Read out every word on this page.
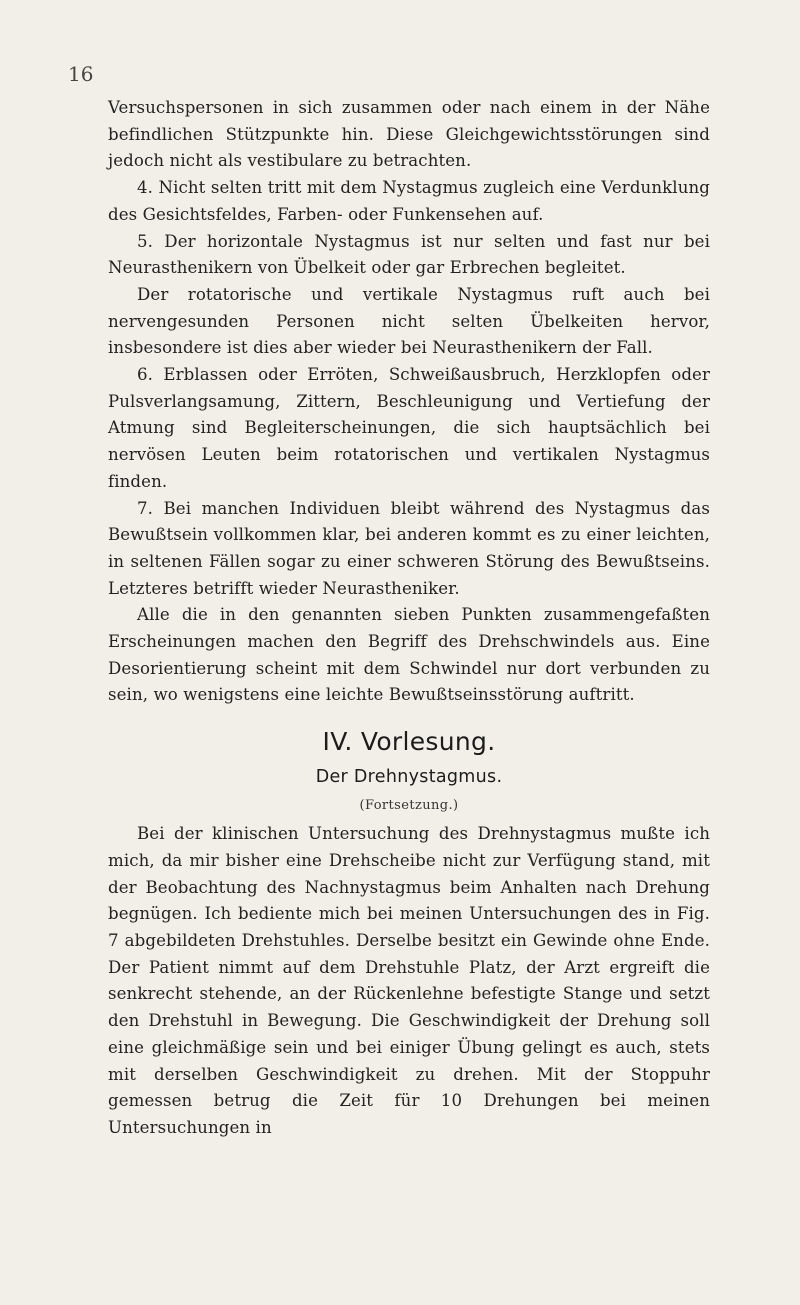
16

Versuchspersonen in sich zusammen oder nach einem in der Nähe befindlichen Stützpunkte hin. Diese Gleichgewichtsstörungen sind jedoch nicht als vestibulare zu betrachten.

4. Nicht selten tritt mit dem Nystagmus zugleich eine Verdunklung des Gesichtsfeldes, Farben- oder Funkensehen auf.

5. Der horizontale Nystagmus ist nur selten und fast nur bei Neurasthenikern von Übelkeit oder gar Erbrechen begleitet.

Der rotatorische und vertikale Nystagmus ruft auch bei nervengesunden Personen nicht selten Übelkeiten hervor, insbesondere ist dies aber wieder bei Neurasthenikern der Fall.

6. Erblassen oder Erröten, Schweißausbruch, Herzklopfen oder Pulsverlangsamung, Zittern, Beschleunigung und Vertiefung der Atmung sind Begleiterscheinungen, die sich hauptsächlich bei nervösen Leuten beim rotatorischen und vertikalen Nystagmus finden.

7. Bei manchen Individuen bleibt während des Nystagmus das Bewußtsein vollkommen klar, bei anderen kommt es zu einer leichten, in seltenen Fällen sogar zu einer schweren Störung des Bewußtseins. Letzteres betrifft wieder Neurastheniker.

Alle die in den genannten sieben Punkten zusammengefaßten Erscheinungen machen den Begriff des Drehschwindels aus. Eine Desorientierung scheint mit dem Schwindel nur dort verbunden zu sein, wo wenigstens eine leichte Bewußtseinsstörung auftritt.

IV. Vorlesung.
Der Drehnystagmus.
(Fortsetzung.)

Bei der klinischen Untersuchung des Drehnystagmus mußte ich mich, da mir bisher eine Drehscheibe nicht zur Verfügung stand, mit der Beobachtung des Nachnystagmus beim Anhalten nach Drehung begnügen. Ich bediente mich bei meinen Untersuchungen des in Fig. 7 abgebildeten Drehstuhles. Derselbe besitzt ein Gewinde ohne Ende. Der Patient nimmt auf dem Drehstuhle Platz, der Arzt ergreift die senkrecht stehende, an der Rückenlehne befestigte Stange und setzt den Drehstuhl in Bewegung. Die Geschwindigkeit der Drehung soll eine gleichmäßige sein und bei einiger Übung gelingt es auch, stets mit derselben Geschwindigkeit zu drehen. Mit der Stoppuhr gemessen betrug die Zeit für 10 Drehungen bei meinen Untersuchungen in
